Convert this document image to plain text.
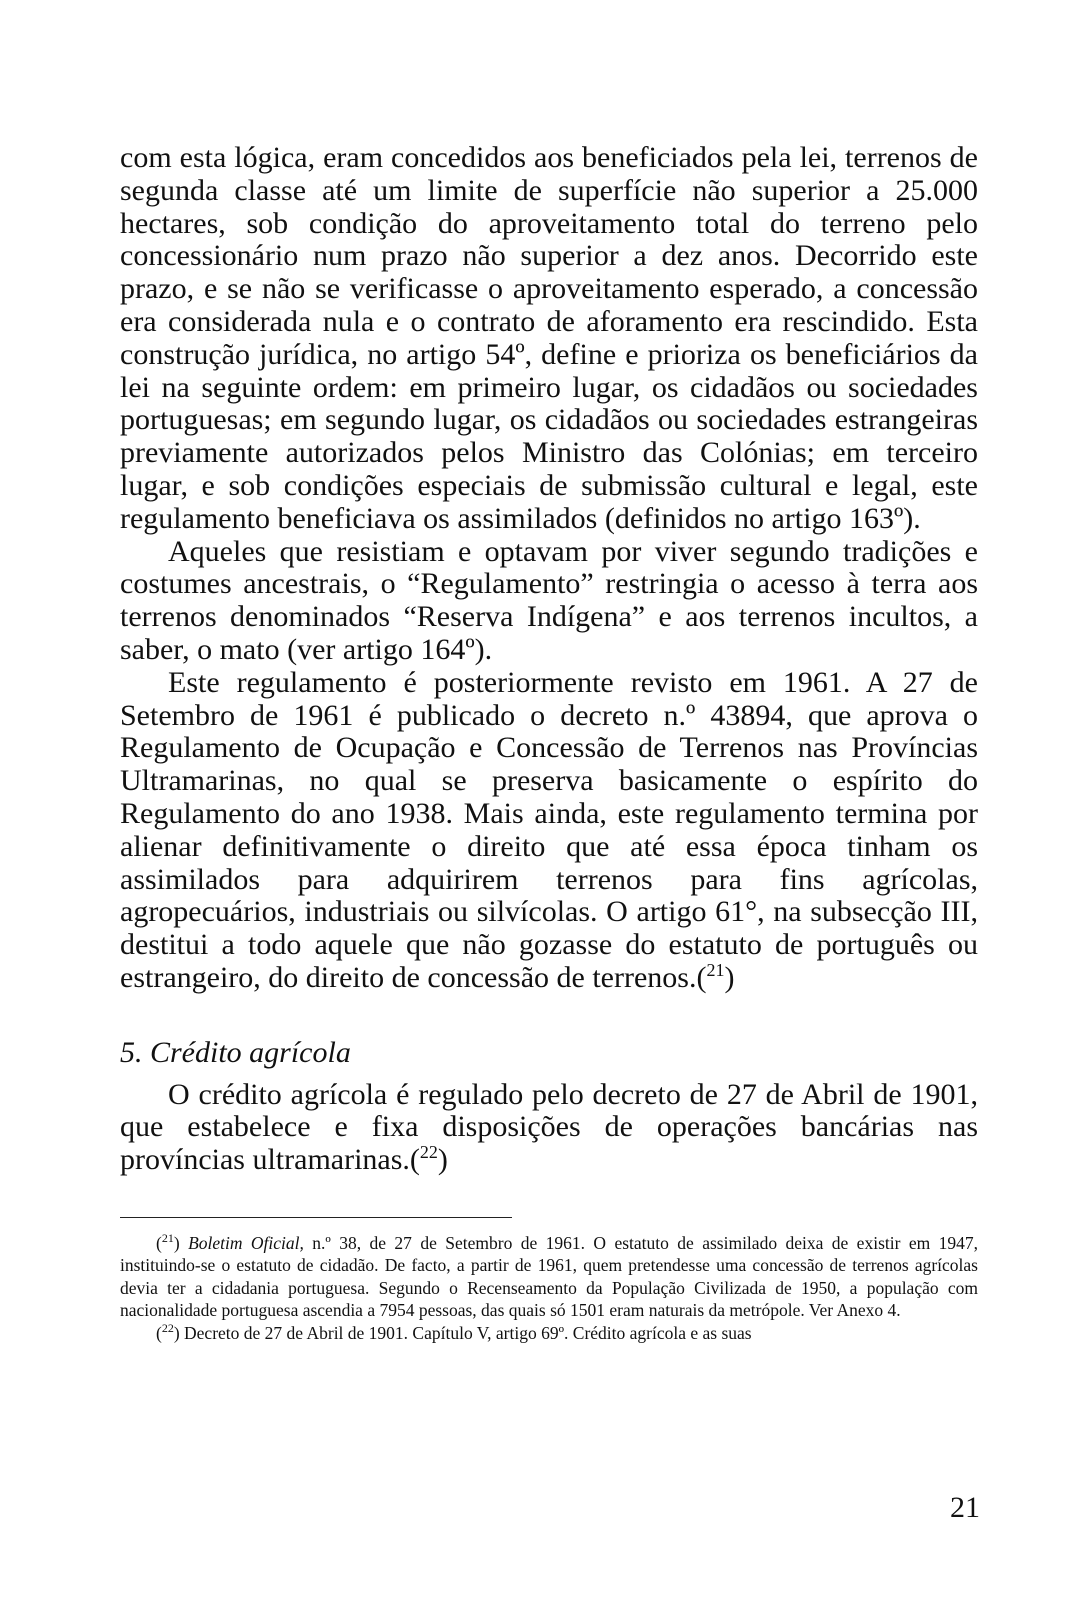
com esta lógica, eram concedidos aos beneficiados pela lei, terrenos de segunda classe até um limite de superfície não superior a 25.000 hectares, sob condição do aproveitamento total do terreno pelo concessionário num prazo não superior a dez anos. Decorrido este prazo, e se não se verificasse o aproveitamento esperado, a concessão era considerada nula e o contrato de aforamento era rescindido. Esta construção jurídica, no artigo 54º, define e prioriza os beneficiários da lei na seguinte ordem: em primeiro lugar, os cidadãos ou sociedades portuguesas; em segundo lugar, os cidadãos ou sociedades estrangeiras previamente autorizados pelos Ministro das Colónias; em terceiro lugar, e sob condições especiais de submissão cultural e legal, este regulamento beneficiava os assimilados (definidos no artigo 163º).

Aqueles que resistiam e optavam por viver segundo tradições e costumes ancestrais, o “Regulamento” restringia o acesso à terra aos terrenos denominados “Reserva Indígena” e aos terrenos incultos, a saber, o mato (ver artigo 164º).

Este regulamento é posteriormente revisto em 1961. A 27 de Setembro de 1961 é publicado o decreto n.º 43894, que aprova o Regulamento de Ocupação e Concessão de Terrenos nas Províncias Ultramarinas, no qual se preserva basicamente o espírito do Regulamento do ano 1938. Mais ainda, este regulamento termina por alienar definitivamente o direito que até essa época tinham os assimilados para adquirirem terrenos para fins agrícolas, agropecuários, industriais ou silvícolas. O artigo 61°, na subsecção III, destitui a todo aquele que não gozasse do estatuto de português ou estrangeiro, do direito de concessão de terrenos.($^{21}$)

5. Crédito agrícola

O crédito agrícola é regulado pelo decreto de 27 de Abril de 1901, que estabelece e fixa disposições de operações bancárias nas províncias ultramarinas.($^{22}$)

($^{21}$) Boletim Oficial, n.º 38, de 27 de Setembro de 1961. O estatuto de assimilado deixa de existir em 1947, instituindo-se o estatuto de cidadão. De facto, a partir de 1961, quem pretendesse uma concessão de terrenos agrícolas devia ter a cidadania portuguesa. Segundo o Recenseamento da População Civilizada de 1950, a população com nacionalidade portuguesa ascendia a 7954 pessoas, das quais só 1501 eram naturais da metrópole. Ver Anexo 4.

($^{22}$) Decreto de 27 de Abril de 1901. Capítulo V, artigo 69º. Crédito agrícola e as suas

21
